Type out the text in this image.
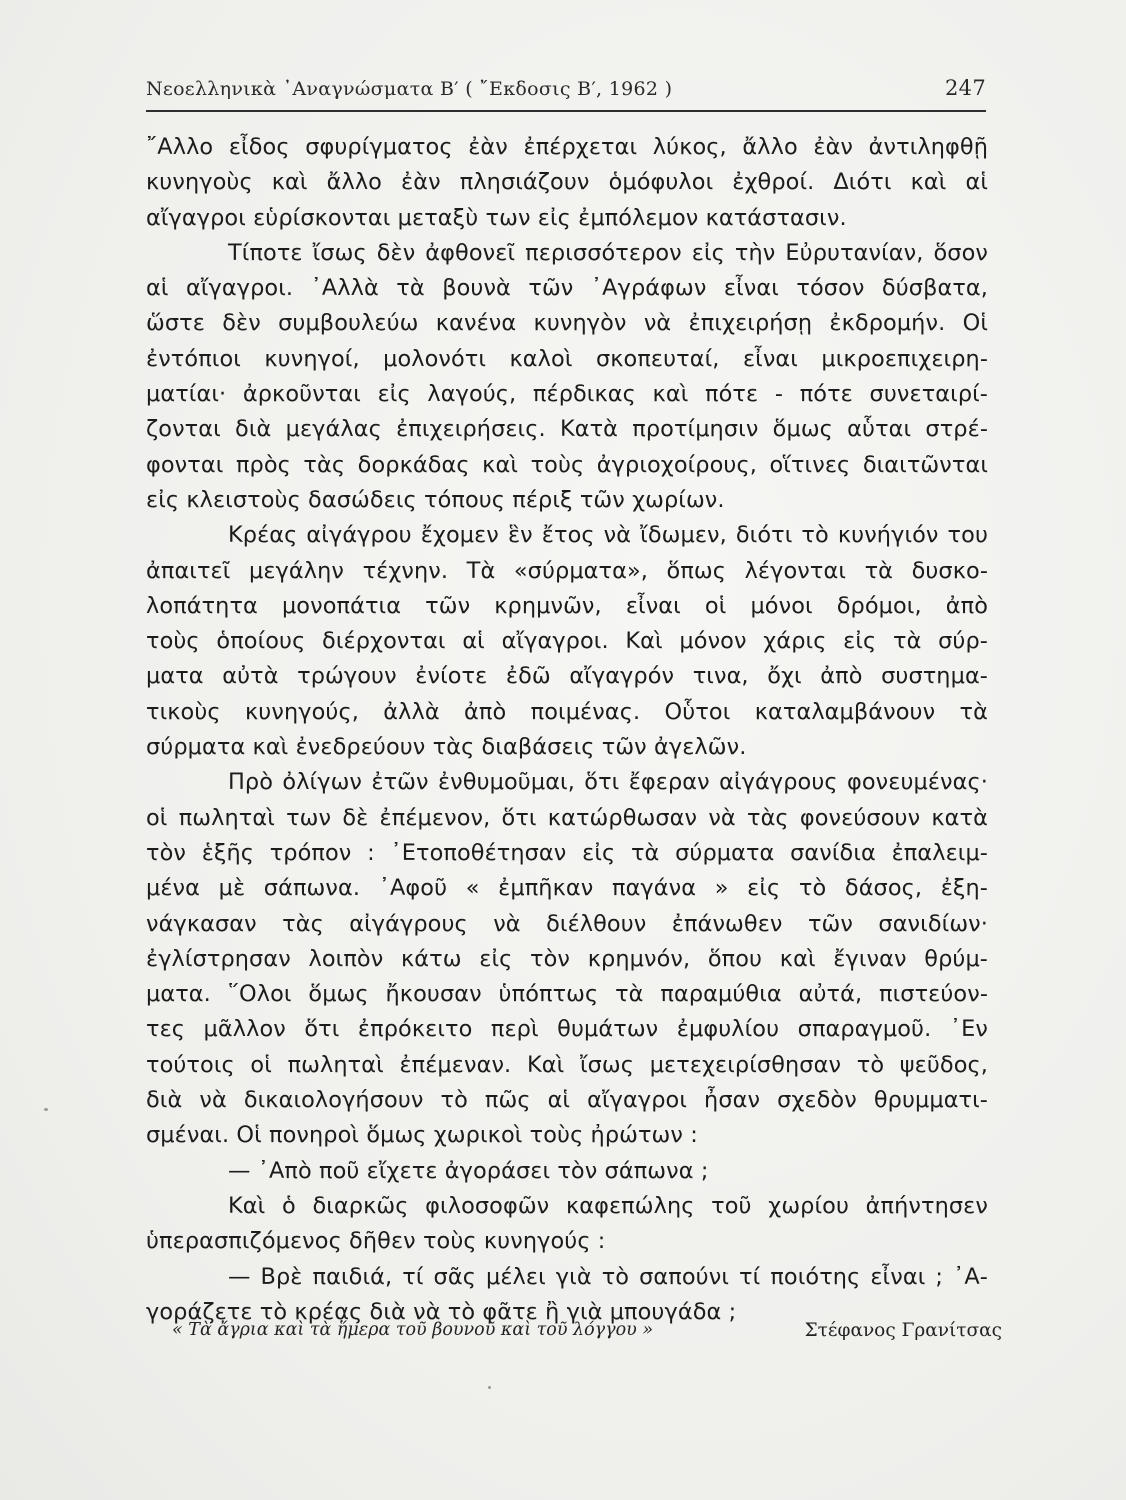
Νεοελληνικὰ ᾿Αναγνώσματα Β′ ( ῎Εκδοσις Β′, 1962 )	247
῎Αλλο εἶδος σφυρίγματος ἐὰν ἐπέρχεται λύκος, ἄλλο ἐὰν ἀντιληφθῇ
κυνηγοὺς καὶ ἄλλο ἐὰν πλησιάζουν ὁμόφυλοι ἐχθροί. Διότι καὶ αἱ
αἴγαγροι εὑρίσκονται μεταξὺ των εἰς ἐμπόλεμον κατάστασιν.
Τίποτε ἴσως δὲν ἀφθονεῖ περισσότερον εἰς τὴν Εὐρυτανίαν, ὅσον
αἱ αἴγαγροι. ᾿Αλλὰ τὰ βουνὰ τῶν ᾿Αγράφων εἶναι τόσον δύσβατα,
ὥστε δὲν συμβουλεύω κανένα κυνηγὸν νὰ ἐπιχειρήσῃ ἐκδρομήν. Οἱ
ἐντόπιοι κυνηγοί, μολονότι καλοὶ σκοπευταί, εἶναι μικροεπιχειρη-
ματίαι· ἀρκοῦνται εἰς λαγούς, πέρδικας καὶ πότε - πότε συνεταιρί-
ζονται διὰ μεγάλας ἐπιχειρήσεις. Κατὰ προτίμησιν ὅμως αὗται στρέ-
φονται πρὸς τὰς δορκάδας καὶ τοὺς ἀγριοχοίρους, οἵτινες διαιτῶνται
εἰς κλειστοὺς δασώδεις τόπους πέριξ τῶν χωρίων.
Κρέας αἰγάγρου ἔχομεν ἓν ἔτος νὰ ἴδωμεν, διότι τὸ κυνήγιόν του
ἀπαιτεῖ μεγάλην τέχνην. Τὰ «σύρματα», ὅπως λέγονται τὰ δυσκο-
λοπάτητα μονοπάτια τῶν κρημνῶν, εἶναι οἱ μόνοι δρόμοι, ἀπὸ
τοὺς ὁποίους διέρχονται αἱ αἴγαγροι. Καὶ μόνον χάρις εἰς τὰ σύρ-
ματα αὐτὰ τρώγουν ἐνίοτε ἐδῶ αἴγαγρόν τινα, ὄχι ἀπὸ συστημα-
τικοὺς κυνηγούς, ἀλλὰ ἀπὸ ποιμένας. Οὗτοι καταλαμβάνουν τὰ
σύρματα καὶ ἐνεδρεύουν τὰς διαβάσεις τῶν ἀγελῶν.
Πρὸ ὀλίγων ἐτῶν ἐνθυμοῦμαι, ὅτι ἔφεραν αἰγάγρους φονευμένας·
οἱ πωληταὶ των δὲ ἐπέμενον, ὅτι κατώρθωσαν νὰ τὰς φονεύσουν κατὰ
τὸν ἑξῆς τρόπον : ᾿Ετοποθέτησαν εἰς τὰ σύρματα σανίδια ἐπαλειμ-
μένα μὲ σάπωνα. ᾿Αφοῦ « ἐμπῆκαν παγάνα » εἰς τὸ δάσος, ἐξη-
νάγκασαν τὰς αἰγάγρους νὰ διέλθουν ἐπάνωθεν τῶν σανιδίων·
ἐγλίστρησαν λοιπὸν κάτω εἰς τὸν κρημνόν, ὅπου καὶ ἔγιναν θρύμ-
ματα. ῞Ολοι ὅμως ἤκουσαν ὑπόπτως τὰ παραμύθια αὐτά, πιστεύον-
τες μᾶλλον ὅτι ἐπρόκειτο περὶ θυμάτων ἐμφυλίου σπαραγμοῦ. ᾿Εν
τούτοις οἱ πωληταὶ ἐπέμεναν. Καὶ ἴσως μετεχειρίσθησαν τὸ ψεῦδος,
διὰ νὰ δικαιολογήσουν τὸ πῶς αἱ αἴγαγροι ἦσαν σχεδὸν θρυμματι-
σμέναι. Οἱ πονηροὶ ὅμως χωρικοὶ τοὺς ἠρώτων :
— ᾿Απὸ ποῦ εἴχετε ἀγοράσει τὸν σάπωνα ;
Καὶ ὁ διαρκῶς φιλοσοφῶν καφεπώλης τοῦ χωρίου ἀπήντησεν
ὑπερασπιζόμενος δῆθεν τοὺς κυνηγούς :
— Βρὲ παιδιά, τί σᾶς μέλει γιὰ τὸ σαπούνι τί ποιότης εἶναι ; ᾿Α-
γοράζετε τὸ κρέας διὰ νὰ τὸ φᾶτε ἢ γιὰ μπουγάδα ;
« Τὰ ἄγρια καὶ τὰ ἥμερα τοῦ βουνοῦ καὶ τοῦ λόγγου »	Στέφανος Γρανίτσας
